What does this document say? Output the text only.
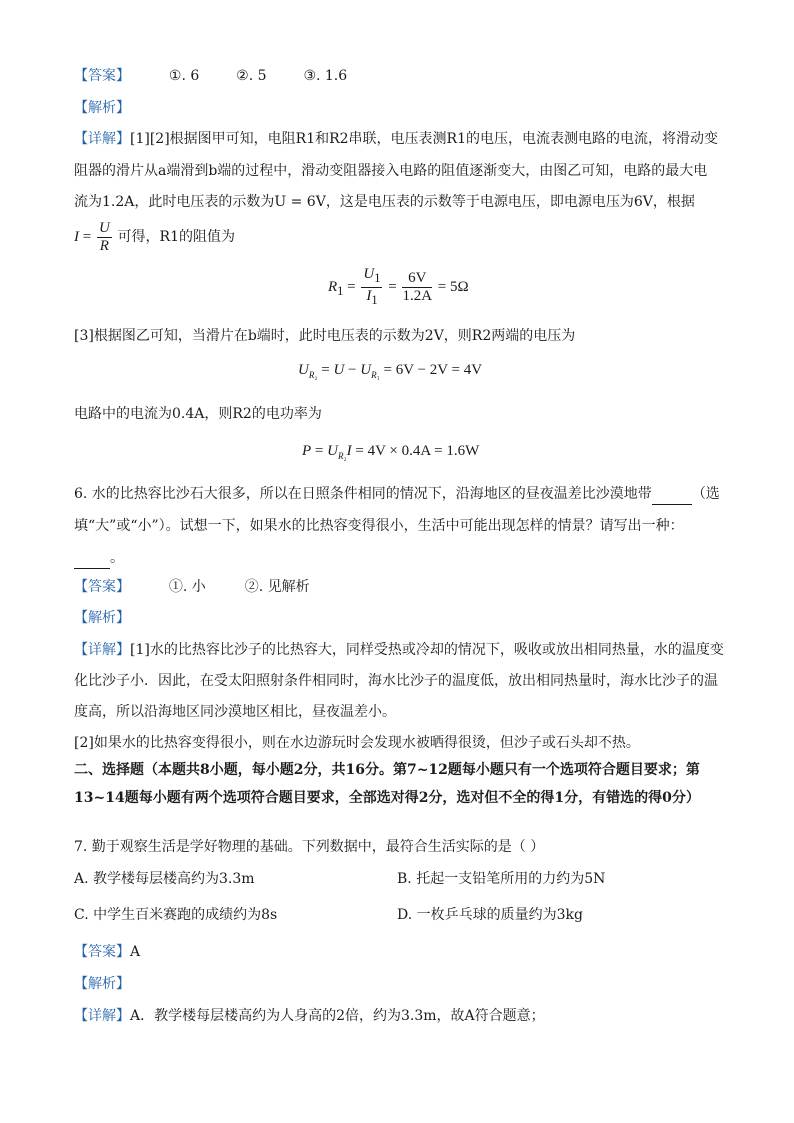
【答案】	①. 6	②. 5	③. 1.6
【解析】
【详解】[1][2]根据图甲可知，电阻R1和R2串联，电压表测R1的电压，电流表测电路的电流，将滑动变
阻器的滑片从a端滑到b端的过程中，滑动变阻器接入电路的阻值逐渐变大，由图乙可知，电路的最大电
流为1.2A，此时电压表的示数为U = 6V，这是电压表的示数等于电源电压，即电源电压为6V，根据
$I = \frac{U}{R}$ 可得，R1的阻值为
$R_1 = \frac{U_1}{I_1} = \frac{6V}{1.2A} = 5\Omega$
[3]根据图乙可知，当滑片在b端时，此时电压表的示数为2V，则R2两端的电压为
$U_{R_2} = U - U_{R_1} = 6V - 2V = 4V$
电路中的电流为0.4A，则R2的电功率为
$P = U_{R_2}I = 4V \times 0.4A = 1.6W$
6. 水的比热容比沙石大很多，所以在日照条件相同的情况下，沿海地区的昼夜温差比沙漠地带	（选
填“大”或“小”）。试想一下，如果水的比热容变得很小，生活中可能出现怎样的情景？请写出一种：
。
【答案】	①. 小	②. 见解析
【解析】
【详解】[1]水的比热容比沙子的比热容大，同样受热或冷却的情况下，吸收或放出相同热量，水的温度变
化比沙子小．因此，在受太阳照射条件相同时，海水比沙子的温度低，放出相同热量时，海水比沙子的温
度高，所以沿海地区同沙漠地区相比，昼夜温差小。
[2]如果水的比热容变得很小，则在水边游玩时会发现水被晒得很烫，但沙子或石头却不热。
二、选择题（本题共8小题，每小题2分，共16分。第7~12题每小题只有一个选项符合题目要求；第13~14题每小题有两个选项符合题目要求，全部选对得2分，选对但不全的得1分，有错选的得0分）
7. 勤于观察生活是学好物理的基础。下列数据中，最符合生活实际的是（ ）
A. 教学楼每层楼高约为3.3m	B. 托起一支铅笔所用的力约为5N
C. 中学生百米赛跑的成绩约为8s	D. 一枚乒乓球的质量约为3kg
【答案】A
【解析】
【详解】A．教学楼每层楼高约为人身高的2倍，约为3.3m，故A符合题意；
